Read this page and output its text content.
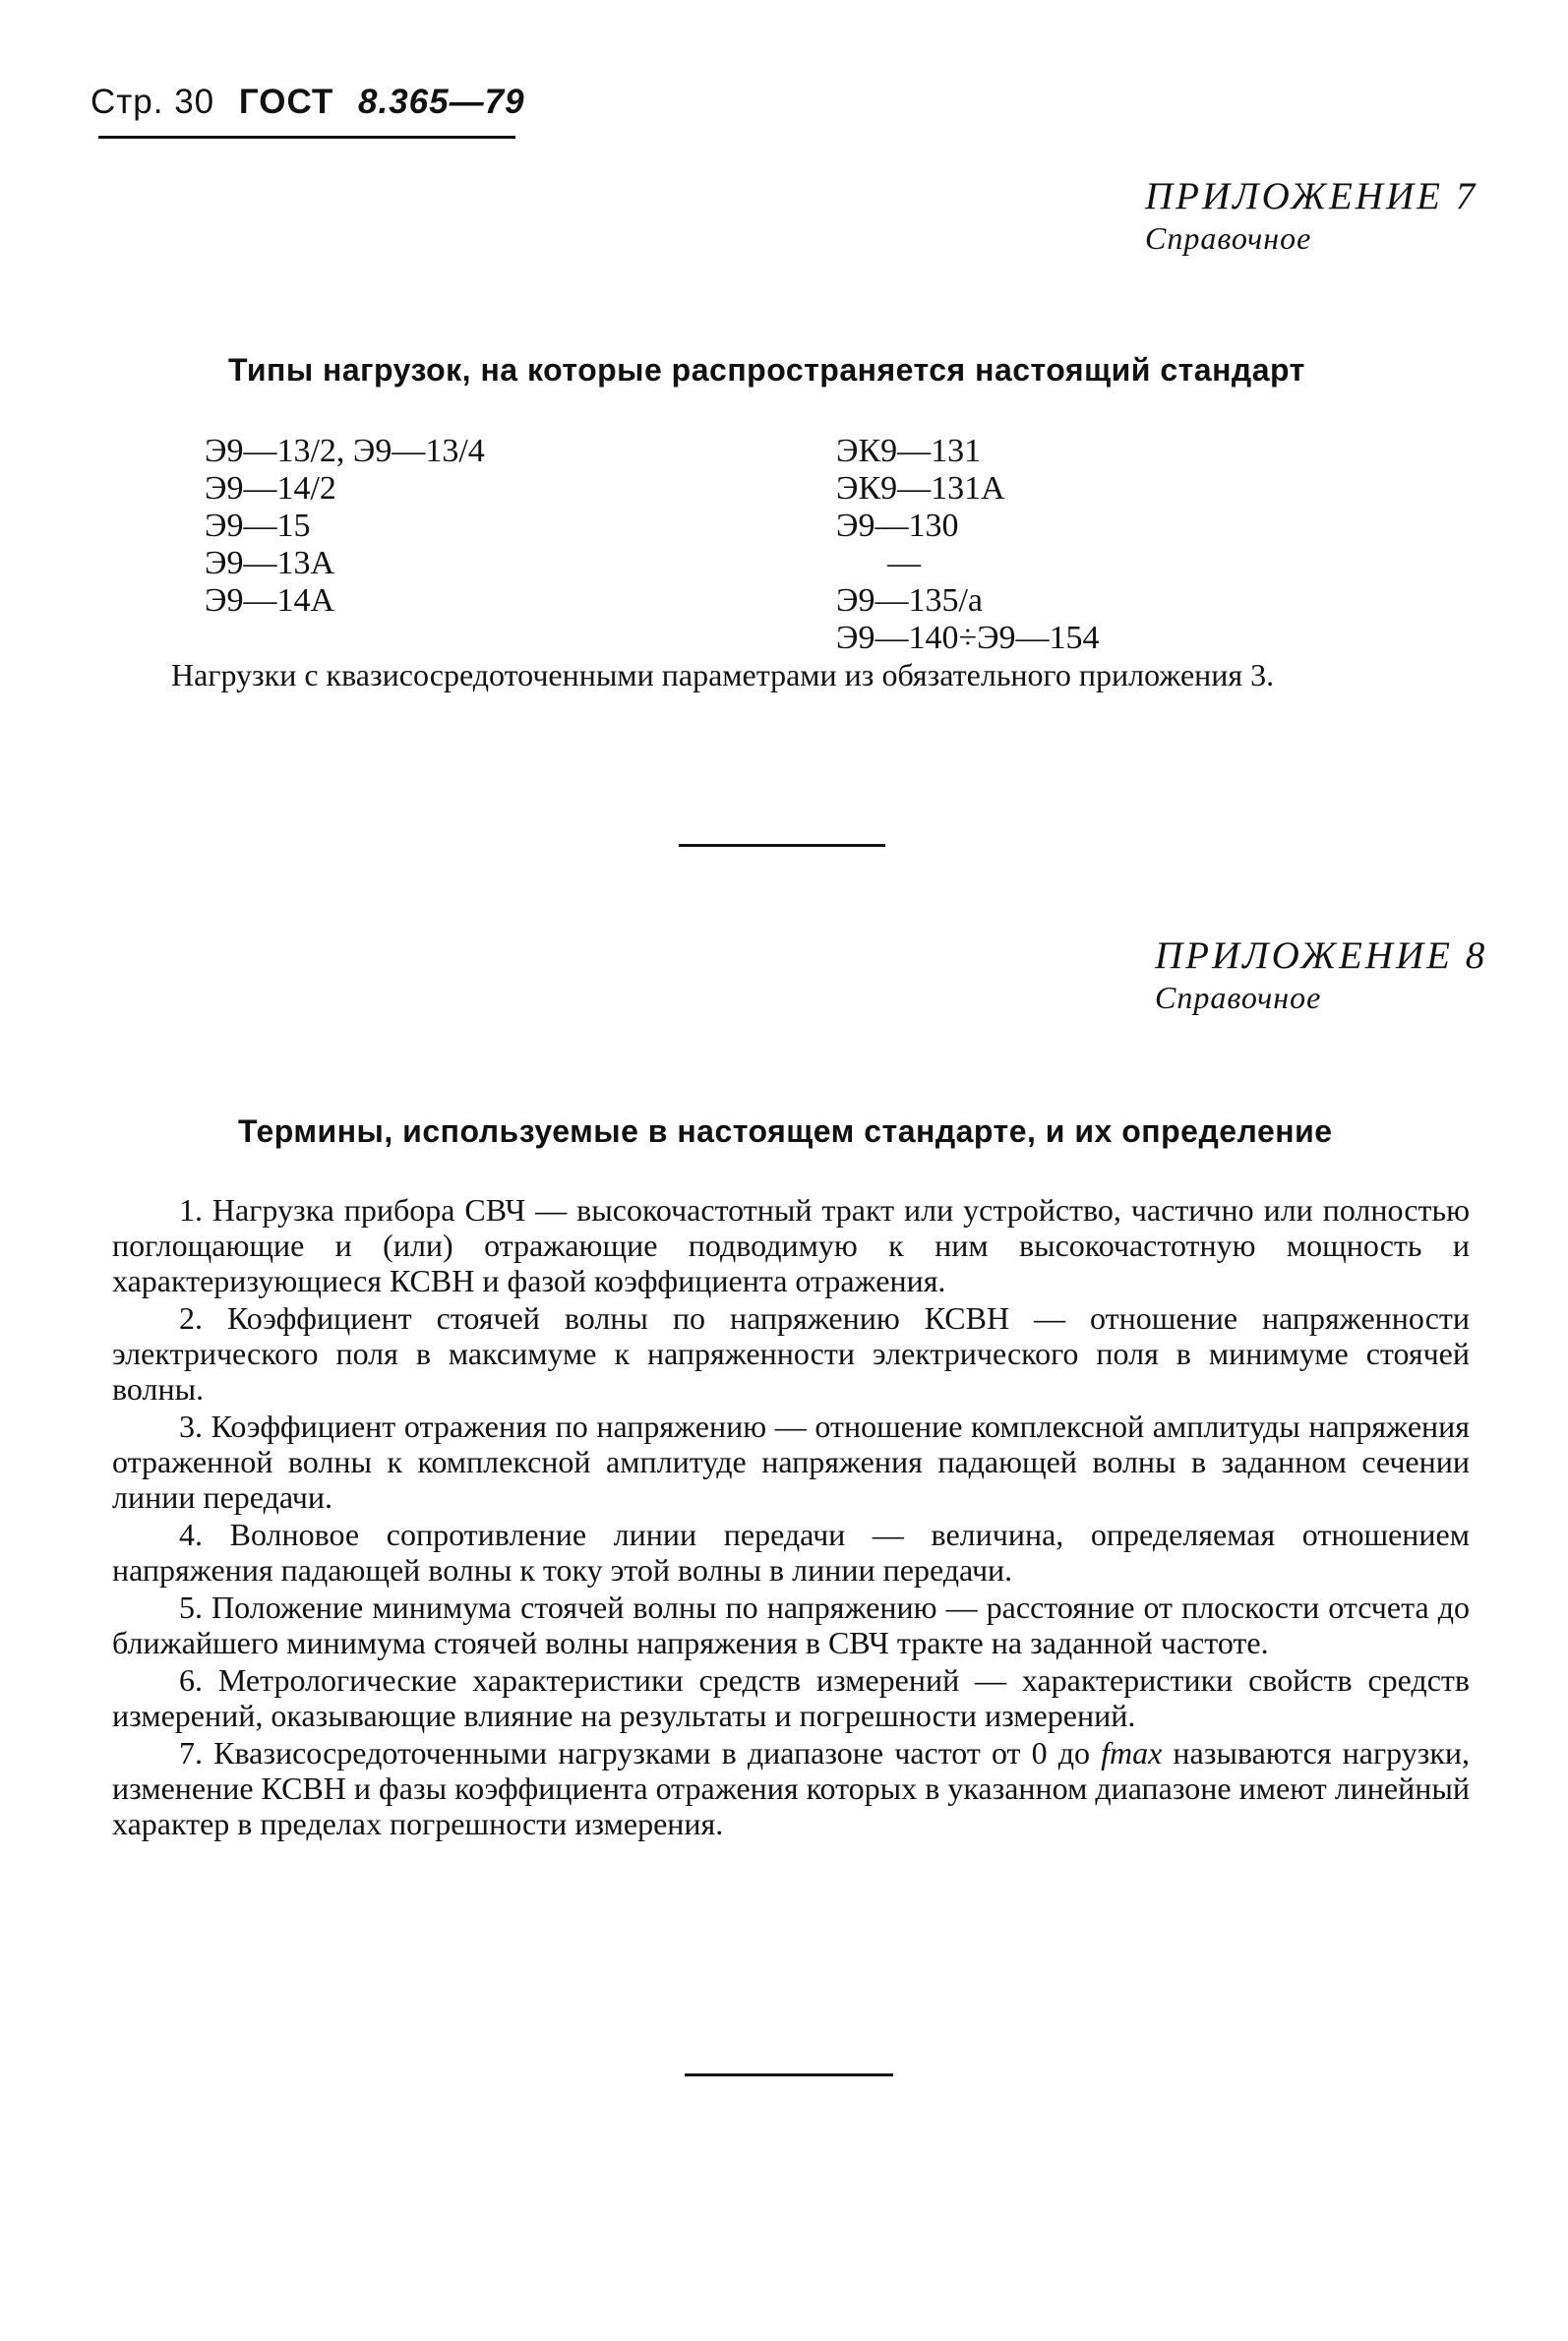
Стр. 30 ГОСТ 8.365—79
ПРИЛОЖЕНИЕ 7
Справочное
Типы нагрузок, на которые распространяется настоящий стандарт
Э9—13/2, Э9—13/4
Э9—14/2
Э9—15
Э9—13А
Э9—14А
ЭК9—131
ЭК9—131А
Э9—130
—
Э9—135/а
Э9—140÷Э9—154
Нагрузки с квазисосредоточенными параметрами из обязательного приложения 3.
ПРИЛОЖЕНИЕ 8
Справочное
Термины, используемые в настоящем стандарте, и их определение

1. Нагрузка прибора СВЧ — высокочастотный тракт или устройство, частично или полностью поглощающие и (или) отражающие подводимую к ним высокочастотную мощность и характеризующиеся КСВН и фазой коэффициента отражения.

2. Коэффициент стоячей волны по напряжению КСВН — отношение напряженности электрического поля в максимуме к напряженности электрического поля в минимуме стоячей волны.

3. Коэффициент отражения по напряжению — отношение комплексной амплитуды напряжения отраженной волны к комплексной амплитуде напряжения падающей волны в заданном сечении линии передачи.

4. Волновое сопротивление линии передачи — величина, определяемая отношением напряжения падающей волны к току этой волны в линии передачи.

5. Положение минимума стоячей волны по напряжению — расстояние от плоскости отсчета до ближайшего минимума стоячей волны напряжения в СВЧ тракте на заданной частоте.

6. Метрологические характеристики средств измерений — характеристики свойств средств измерений, оказывающие влияние на результаты и погрешности измерений.

7. Квазисосредоточенными нагрузками в диапазоне частот от 0 до fmax называются нагрузки, изменение КСВН и фазы коэффициента отражения которых в указанном диапазоне имеют линейный характер в пределах погрешности измерения.
